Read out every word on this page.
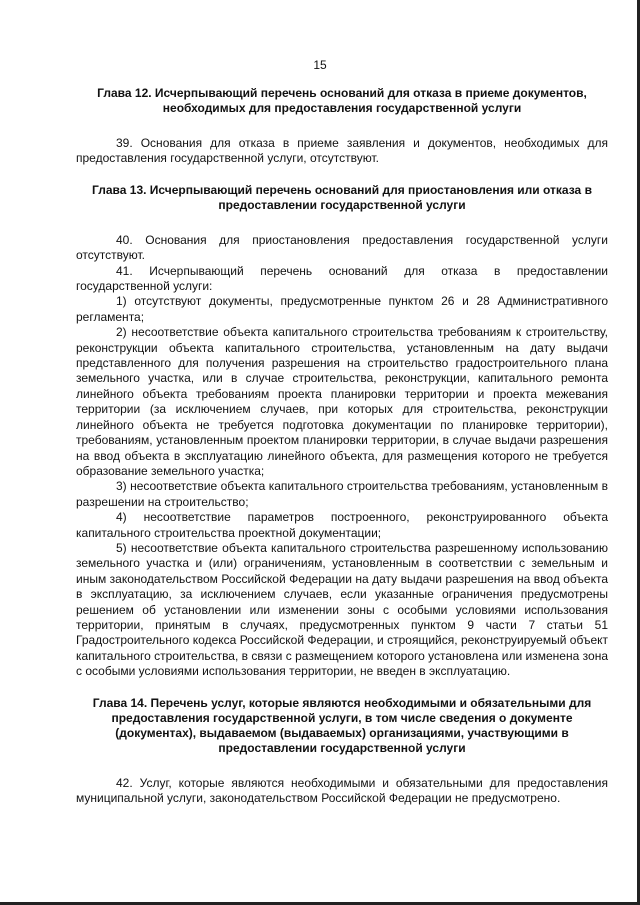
15
Глава 12. Исчерпывающий перечень оснований для отказа в приеме документов, необходимых для предоставления государственной услуги

39. Основания для отказа в приеме заявления и документов, необходимых для предоставления государственной услуги, отсутствуют.

Глава 13. Исчерпывающий перечень оснований для приостановления или отказа в предоставлении государственной услуги

40. Основания для приостановления предоставления государственной услуги отсутствуют.

41. Исчерпывающий перечень оснований для отказа в предоставлении государственной услуги:

1) отсутствуют документы, предусмотренные пунктом 26 и 28 Административного регламента;

2) несоответствие объекта капитального строительства требованиям к строительству, реконструкции объекта капитального строительства, установленным на дату выдачи представленного для получения разрешения на строительство градостроительного плана земельного участка, или в случае строительства, реконструкции, капитального ремонта линейного объекта требованиям проекта планировки территории и проекта межевания территории (за исключением случаев, при которых для строительства, реконструкции линейного объекта не требуется подготовка документации по планировке территории), требованиям, установленным проектом планировки территории, в случае выдачи разрешения на ввод объекта в эксплуатацию линейного объекта, для размещения которого не требуется образование земельного участка;

3) несоответствие объекта капитального строительства требованиям, установленным в разрешении на строительство;

4) несоответствие параметров построенного, реконструированного объекта капитального строительства проектной документации;

5) несоответствие объекта капитального строительства разрешенному использованию земельного участка и (или) ограничениям, установленным в соответствии с земельным и иным законодательством Российской Федерации на дату выдачи разрешения на ввод объекта в эксплуатацию, за исключением случаев, если указанные ограничения предусмотрены решением об установлении или изменении зоны с особыми условиями использования территории, принятым в случаях, предусмотренных пунктом 9 части 7 статьи 51 Градостроительного кодекса Российской Федерации, и строящийся, реконструируемый объект капитального строительства, в связи с размещением которого установлена или изменена зона с особыми условиями использования территории, не введен в эксплуатацию.

Глава 14. Перечень услуг, которые являются необходимыми и обязательными для предоставления государственной услуги, в том числе сведения о документе (документах), выдаваемом (выдаваемых) организациями, участвующими в предоставлении государственной услуги

42. Услуг, которые являются необходимыми и обязательными для предоставления муниципальной услуги, законодательством Российской Федерации не предусмотрено.
